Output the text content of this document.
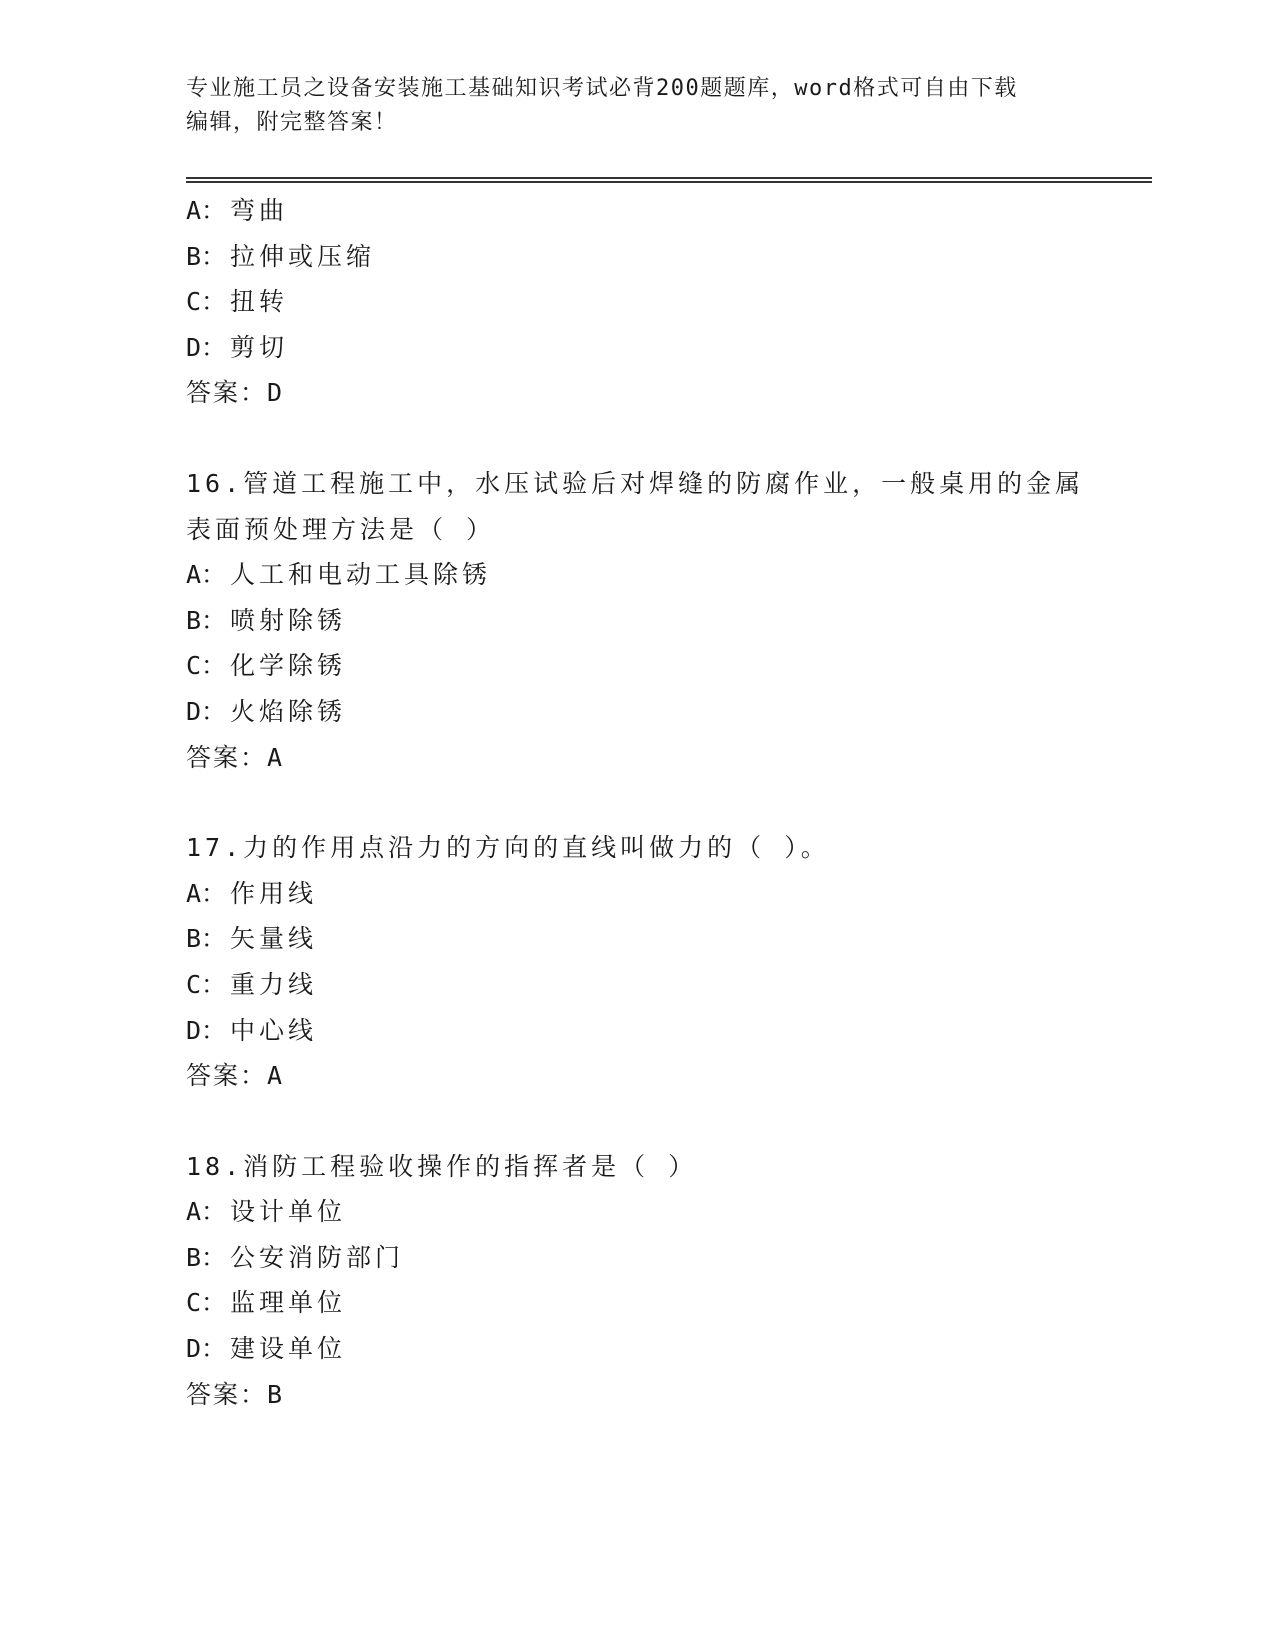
专业施工员之设备安装施工基础知识考试必背200题题库，word格式可自由下载
编辑，附完整答案！
A： 弯曲
B： 拉伸或压缩
C： 扭转
D： 剪切
答案：D
16.管道工程施工中，水压试验后对焊缝的防腐作业，一般桌用的金属
表面预处理方法是（ ）
A： 人工和电动工具除锈
B： 喷射除锈
C： 化学除锈
D： 火焰除锈
答案：A
17.力的作用点沿力的方向的直线叫做力的（ ）。
A： 作用线
B： 矢量线
C： 重力线
D： 中心线
答案：A
18.消防工程验收操作的指挥者是（ ）
A： 设计单位
B： 公安消防部门
C： 监理单位
D： 建设单位
答案：B
